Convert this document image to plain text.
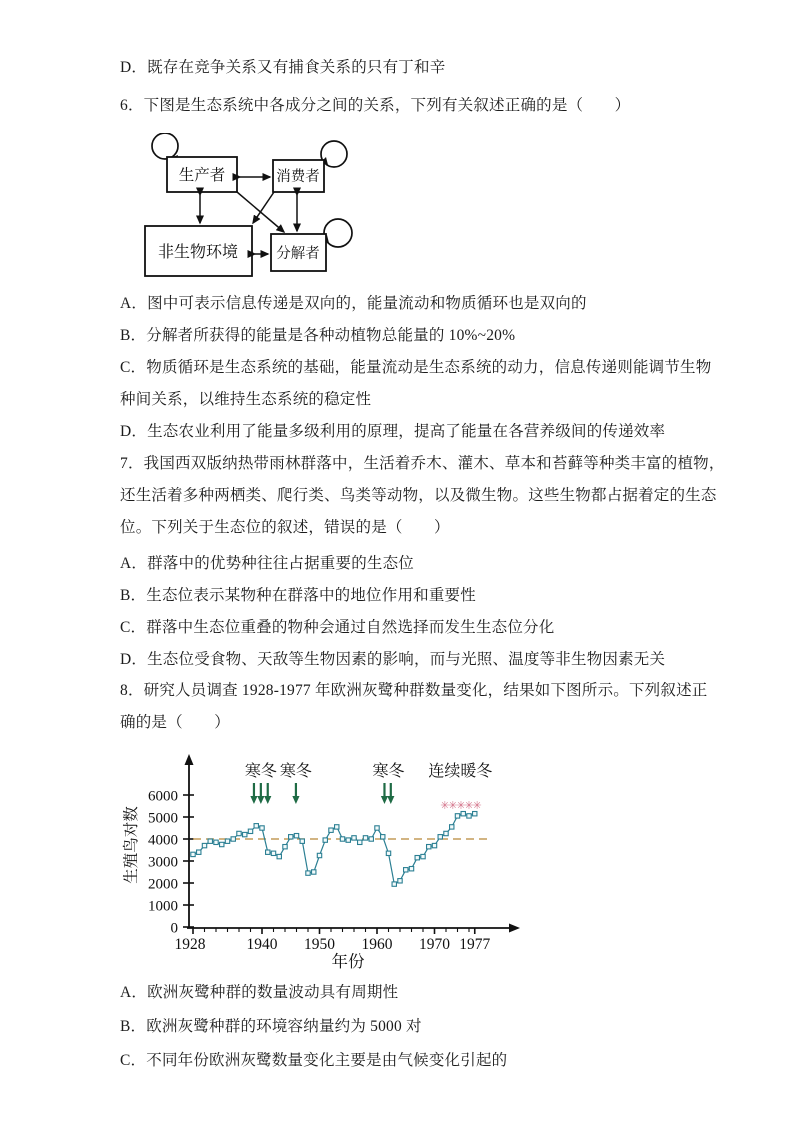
D．既存在竞争关系又有捕食关系的只有丁和辛
6．下图是生态系统中各成分之间的关系，下列有关叙述正确的是（　　）
A．图中可表示信息传递是双向的，能量流动和物质循环也是双向的
B．分解者所获得的能量是各种动植物总能量的 10%~20%
C．物质循环是生态系统的基础，能量流动是生态系统的动力，信息传递则能调节生物
种间关系，以维持生态系统的稳定性
D．生态农业利用了能量多级利用的原理，提高了能量在各营养级间的传递效率
7．我国西双版纳热带雨林群落中，生活着乔木、灌木、草本和苔藓等种类丰富的植物，
还生活着多种两栖类、爬行类、鸟类等动物，以及微生物。这些生物都占据着定的生态
位。下列关于生态位的叙述，错误的是（　　）
A．群落中的优势种往往占据重要的生态位
B．生态位表示某物种在群落中的地位作用和重要性
C．群落中生态位重叠的物种会通过自然选择而发生生态位分化
D．生态位受食物、天敌等生物因素的影响，而与光照、温度等非生物因素无关
8．研究人员调查 1928-1977 年欧洲灰鹭种群数量变化，结果如下图所示。下列叙述正
确的是（　　）
A．欧洲灰鹭种群的数量波动具有周期性
B．欧洲灰鹭种群的环境容纳量约为 5000 对
C．不同年份欧洲灰鹭数量变化主要是由气候变化引起的
生产者	消费者
非生物环境	分解者
寒冬 寒冬	寒冬 连续暖冬
✳
✳
✳
✳
✳
0
1000
2000
3000
4000
5000
6000
1928	1940 1950 1960 1970 1977
生殖鸟对数
年份
